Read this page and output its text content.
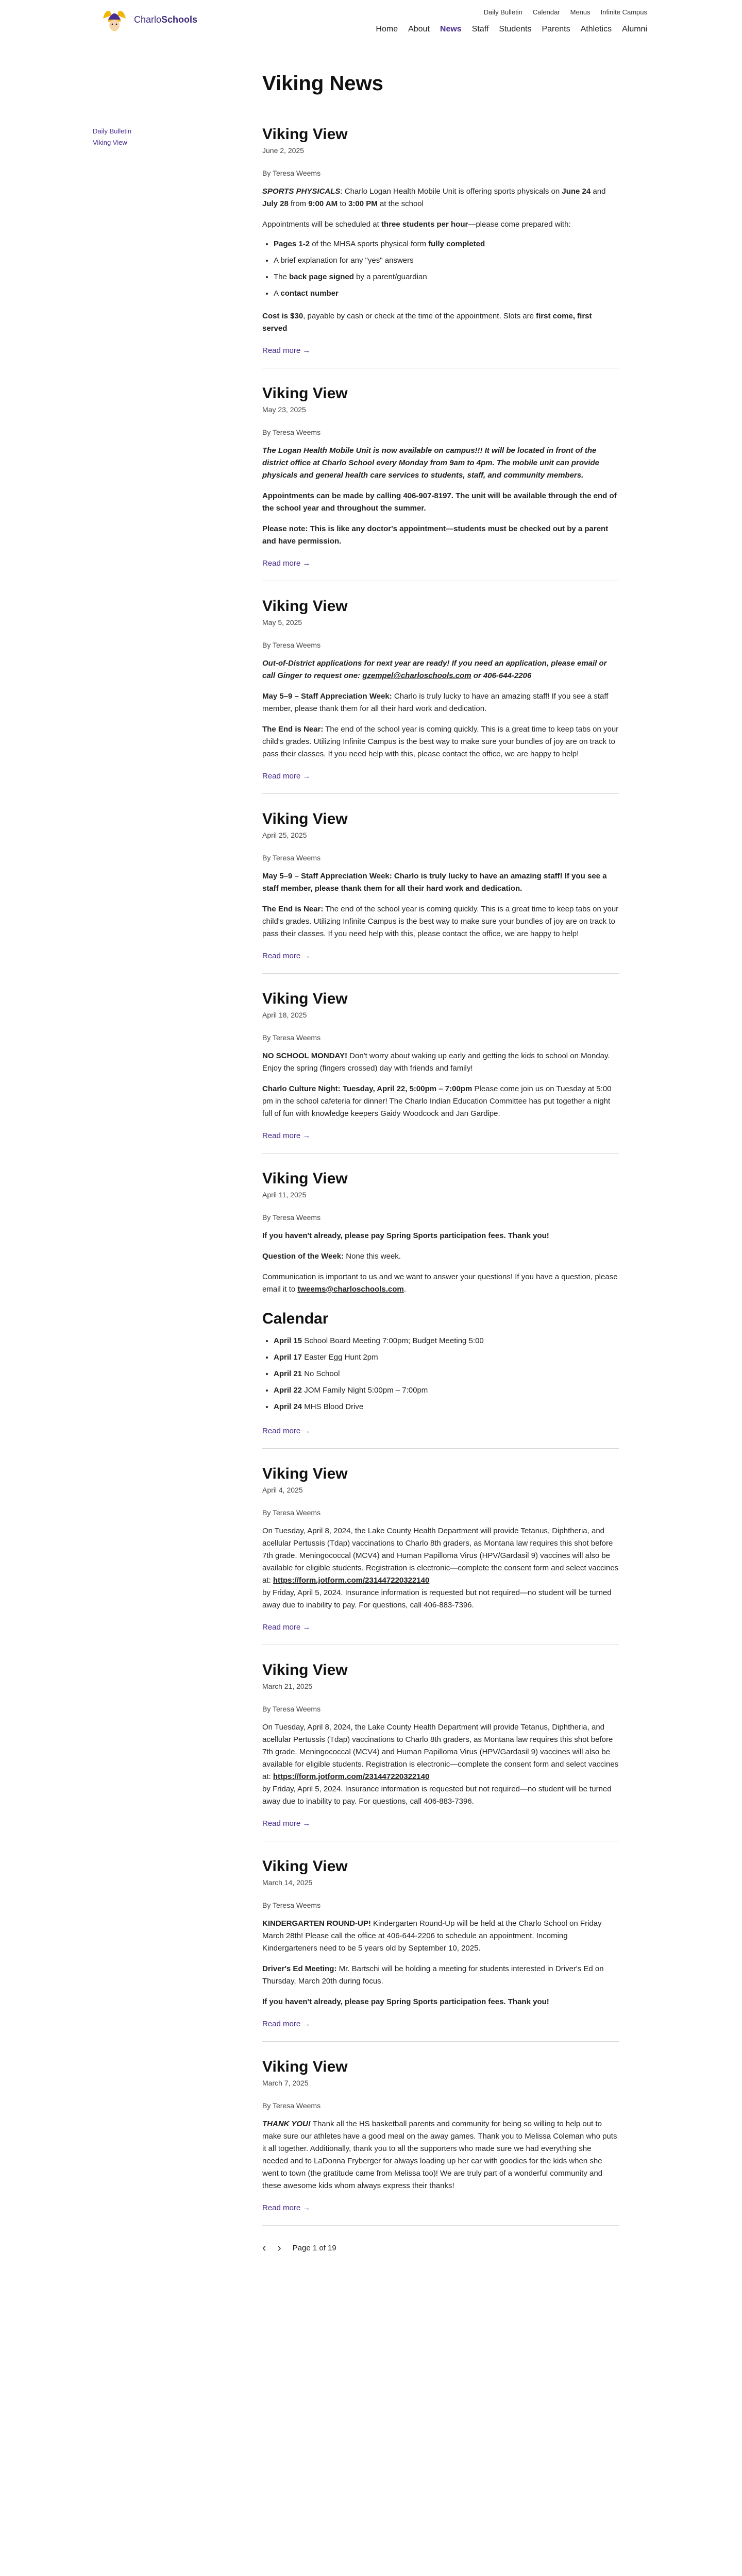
CharloSchools
Daily Bulletin Calendar Menus Infinite Campus
Home About News Staff Students Parents Athletics Alumni
Viking News
Daily Bulletin
Viking View	Viking View
June 2, 2025
By Teresa Weems

SPORTS PHYSICALS: Charlo Logan Health Mobile Unit is offering sports physicals on June 24 and July 28 from 9:00 AM to 3:00 PM at the school

Appointments will be scheduled at three students per hour—please come prepared with:

• Pages 1-2 of the MHSA sports physical form fully completed
• A brief explanation for any "yes" answers
• The back page signed by a parent/guardian
• A contact number

Cost is $30, payable by cash or check at the time of the appointment. Slots are first come, first served

Read more →
Viking View
May 23, 2025
By Teresa Weems

The Logan Health Mobile Unit is now available on campus!!! It will be located in front of the district office at Charlo School every Monday from 9am to 4pm. The mobile unit can provide physicals and general health care services to students, staff, and community members.

Appointments can be made by calling 406-907-8197. The unit will be available through the end of the school year and throughout the summer.

Please note: This is like any doctor's appointment—students must be checked out by a parent and have permission.

Read more →
Viking View
May 5, 2025
By Teresa Weems

Out-of-District applications for next year are ready! If you need an application, please email or call Ginger to request one: gzempel@charloschools.com or 406-644-2206

May 5–9 – Staff Appreciation Week: Charlo is truly lucky to have an amazing staff! If you see a staff member, please thank them for all their hard work and dedication.

The End is Near: The end of the school year is coming quickly. This is a great time to keep tabs on your child's grades. Utilizing Infinite Campus is the best way to make sure your bundles of joy are on track to pass their classes. If you need help with this, please contact the office, we are happy to help!

Read more →
Viking View
April 25, 2025
By Teresa Weems

May 5–9 – Staff Appreciation Week: Charlo is truly lucky to have an amazing staff! If you see a staff member, please thank them for all their hard work and dedication.

The End is Near: The end of the school year is coming quickly. This is a great time to keep tabs on your child's grades. Utilizing Infinite Campus is the best way to make sure your bundles of joy are on track to pass their classes. If you need help with this, please contact the office, we are happy to help!

Read more →
Viking View
April 18, 2025
By Teresa Weems

NO SCHOOL MONDAY! Don't worry about waking up early and getting the kids to school on Monday. Enjoy the spring (fingers crossed) day with friends and family!

Charlo Culture Night: Tuesday, April 22, 5:00pm – 7:00pm Please come join us on Tuesday at 5:00 pm in the school cafeteria for dinner! The Charlo Indian Education Committee has put together a night full of fun with knowledge keepers Gaidy Woodcock and Jan Gardipe.

Read more →
Viking View
April 11, 2025
By Teresa Weems

If you haven't already, please pay Spring Sports participation fees. Thank you!

Question of the Week: None this week.

Communication is important to us and we want to answer your questions! If you have a question, please email it to tweems@charloschools.com.

Calendar
• April 15 School Board Meeting 7:00pm; Budget Meeting 5:00
• April 17 Easter Egg Hunt 2pm
• April 21 No School
• April 22 JOM Family Night 5:00pm – 7:00pm
• April 24 MHS Blood Drive
Read more →
Viking View
April 4, 2025
By Teresa Weems

On Tuesday, April 8, 2024, the Lake County Health Department will provide Tetanus, Diphtheria, and acellular Pertussis (Tdap) vaccinations to Charlo 8th graders, as Montana law requires this shot before 7th grade. Meningococcal (MCV4) and Human Papilloma Virus (HPV/Gardasil 9) vaccines will also be available for eligible students. Registration is electronic—complete the consent form and select vaccines at: https://form.jotform.com/231447220322140
by Friday, April 5, 2024. Insurance information is requested but not required—no student will be turned away due to inability to pay. For questions, call 406-883-7396.

Read more →
Viking View
March 21, 2025
By Teresa Weems

On Tuesday, April 8, 2024, the Lake County Health Department will provide Tetanus, Diphtheria, and acellular Pertussis (Tdap) vaccinations to Charlo 8th graders, as Montana law requires this shot before 7th grade. Meningococcal (MCV4) and Human Papilloma Virus (HPV/Gardasil 9) vaccines will also be available for eligible students. Registration is electronic—complete the consent form and select vaccines at: https://form.jotform.com/231447220322140
by Friday, April 5, 2024. Insurance information is requested but not required—no student will be turned away due to inability to pay. For questions, call 406-883-7396.

Read more →
Viking View
March 14, 2025
By Teresa Weems

KINDERGARTEN ROUND-UP! Kindergarten Round-Up will be held at the Charlo School on Friday March 28th! Please call the office at 406-644-2206 to schedule an appointment. Incoming Kindergarteners need to be 5 years old by September 10, 2025.

Driver's Ed Meeting: Mr. Bartschi will be holding a meeting for students interested in Driver's Ed on Thursday, March 20th during focus.

If you haven't already, please pay Spring Sports participation fees. Thank you!

Read more →
Viking View
March 7, 2025
By Teresa Weems

THANK YOU! Thank all the HS basketball parents and community for being so willing to help out to make sure our athletes have a good meal on the away games. Thank you to Melissa Coleman who puts it all together. Additionally, thank you to all the supporters who made sure we had everything she needed and to LaDonna Fryberger for always loading up her car with goodies for the kids when she went to town (the gratitude came from Melissa too)! We are truly part of a wonderful community and these awesome kids whom always express their thanks!

Read more →
‹ › Page 1 of 19
